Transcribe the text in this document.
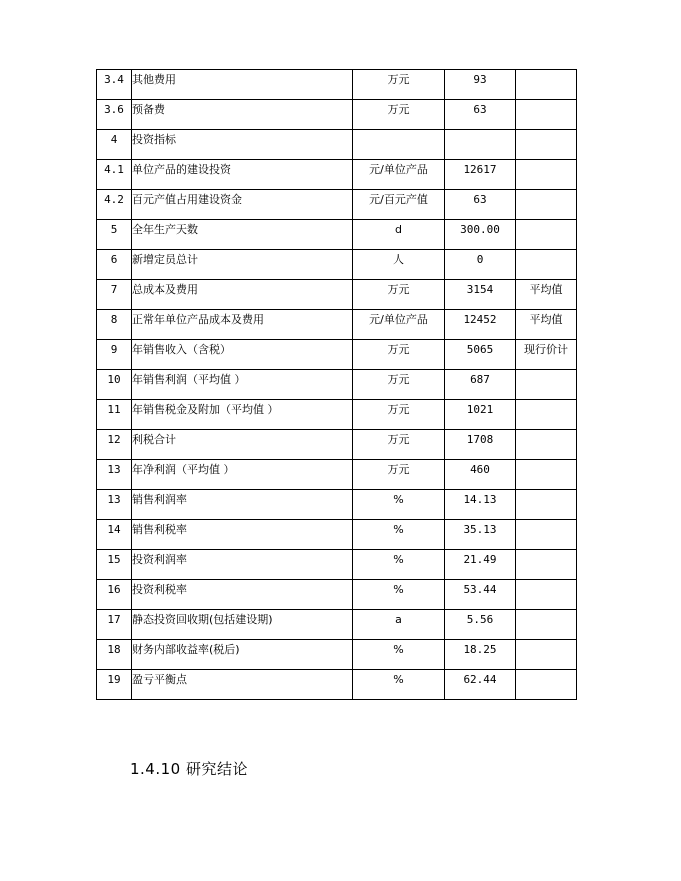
3.4	其他费用	万元	93	
3.6	预备费	万元	63	
4	投资指标			
4.1	单位产品的建设投资	元/单位产品	12617	
4.2	百元产值占用建设资金	元/百元产值	63	
5	全年生产天数	d	300.00	
6	新增定员总计	人	0	
7	总成本及费用	万元	3154	平均值
8	正常年单位产品成本及费用	元/单位产品	12452	平均值
9	年销售收入（含税）	万元	5065	现行价计
10	年销售利润（平均值 ）	万元	687	
11	年销售税金及附加（平均值 ）	万元	1021	
12	利税合计	万元	1708	
13	年净利润（平均值 ）	万元	460	
13	销售利润率	%	14.13	
14	销售利税率	%	35.13	
15	投资利润率	%	21.49	
16	投资利税率	%	53.44	
17	静态投资回收期(包括建设期)	a	5.56	
18	财务内部收益率(税后)	%	18.25	
19	盈亏平衡点	%	62.44	
1.4.10 研究结论
